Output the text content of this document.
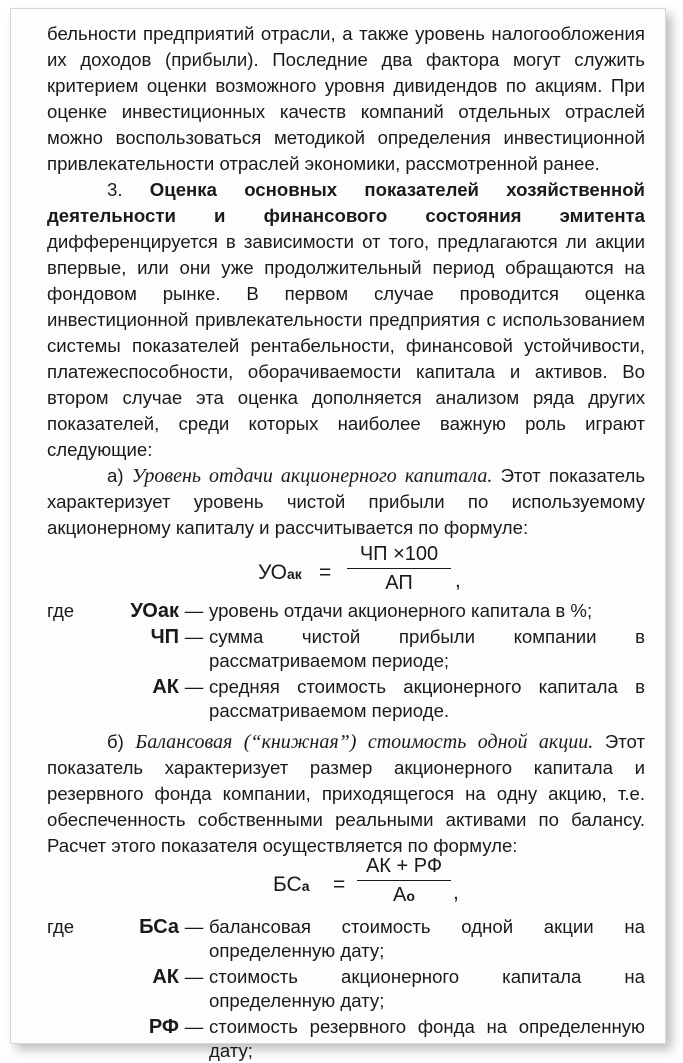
бельности предприятий отрасли, а также уровень налогообложения их доходов (прибыли). Последние два фактора могут служить критерием оценки возможного уровня дивидендов по акциям. При оценке инвестиционных качеств компаний отдельных отраслей можно воспользоваться методикой определения инвестиционной привлекательности отраслей экономики, рассмотренной ранее.

3. Оценка основных показателей хозяйственной деятельности и финансового состояния эмитента дифференцируется в зависимости от того, предлагаются ли акции впервые, или они уже продолжительный период обращаются на фондовом рынке. В первом случае проводится оценка инвестиционной привлекательности предприятия с использованием системы показателей рентабельности, финансовой устойчивости, платежеспособности, оборачиваемости капитала и активов. Во втором случае эта оценка дополняется анализом ряда других показателей, среди которых наиболее важную роль играют следующие:

а) Уровень отдачи акционерного капитала. Этот показатель характеризует уровень чистой прибыли по используемому акционерному капиталу и рассчитывается по формуле:

УОак =
ЧП ×100
АП	,
где	УОак — уровень отдачи акционерного капитала в %;
ЧП — сумма чистой прибыли компании в рассматриваемом периоде;
АК — средняя стоимость акционерного капитала в рассматриваемом периоде.

б) Балансовая (“книжная”) стоимость одной акции. Этот показатель характеризует размер акционерного капитала и резервного фонда компании, приходящегося на одну акцию, т.е. обеспеченность собственными реальными активами по балансу. Расчет этого показателя осуществляется по формуле:

БСа =
АК + РФ
Ао	,
где	БСа — балансовая стоимость одной акции на определенную дату;
АК — стоимость акционерного капитала на определенную дату;
РФ — стоимость резервного фонда на определенную дату;
